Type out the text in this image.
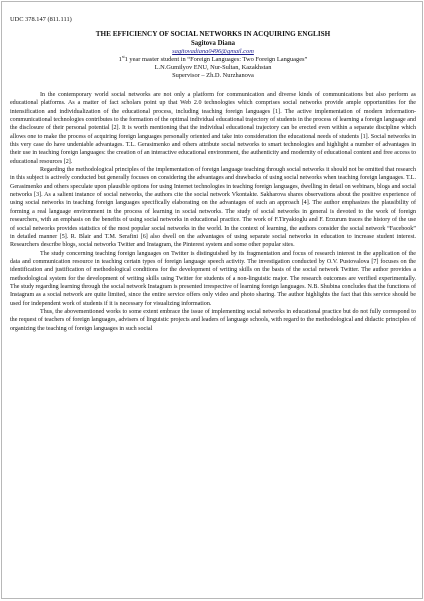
UDC 378.147 (811.111)

THE EFFICIENCY OF SOCIAL NETWORKS IN ACQUIRING ENGLISH

Sagitova Diana

sagitovadiana0496@gmail.com

1st1 year master student in “Foreign Languages: Two Foreign Languages”

L.N.Gumilyov ENU, Nur-Sultan, Kazakhstan

Supervisor – Zh.D. Nurzhanova

In the contemporary world social networks are not only a platform for communication and diverse kinds of communications but also perform as educational platforms. As a matter of fact scholars point up that Web 2.0 technologies which comprises social networks provide ample opportunities for the intensification and individualization of the educational process, including teaching foreign languages [1]. The active implementation of modern information- communicational technologies contributes to the formation of the optimal individual educational trajectory of students in the process of learning a foreign language and the disclosure of their personal potential [2]. It is worth mentioning that the individual educational trajectory can be erected even within a separate discipline which allows one to make the process of acquiring foreign languages personally oriented and take into consideration the educational needs of students [1]. Social networks in this very case do have undeniable advantages. T.L. Gerasimenko and others attribute social networks to smart technologies and highlight a number of advantages in their use in teaching foreign languages: the creation of an interactive educational environment, the authenticity and modernity of educational content and free access to educational resources [2].

Regarding the methodological principles of the implementation of foreign language teaching through social networks it should not be omitted that research in this subject is actively conducted but generally focuses on considering the advantages and drawbacks of using social networks when teaching foreign languages. T.L. Gerasimenko and others speculate upon plausible options for using Internet technologies in teaching foreign languages, dwelling in detail on webinars, blogs and social networks [3]. As a salient instance of social networks, the authors cite the social network Vkontakte. Sakharova shares observations about the positive experience of using social networks in teaching foreign languages specifically elaborating on the advantages of such an approach [4]. The author emphasizes the plausibility of forming a real language environment in the process of learning in social networks. The study of social networks in general is devoted to the work of foreign researchers, with an emphasis on the benefits of using social networks in educational practice. The work of F.Tiryakioglu and F. Erzurum traces the history of the use of social networks provides statistics of the most popular social networks in the world. In the context of learning, the authors consider the social network “Facebook” in detailed manner [5]. R. Blair and T.M. Serafini [6] also dwell on the advantages of using separate social networks in education to increase student interest. Researchers describe blogs, social networks Twitter and Instagram, the Pinterest system and some other popular sites.

The study concerning teaching foreign languages on Twitter is distinguished by its fragmentation and focus of research interest in the application of the data and communication resource in teaching certain types of foreign language speech activity. The investigation conducted by O.V. Pustovalova [7] focuses on the identification and justification of methodological conditions for the development of writing skills on the basis of the social network Twitter. The author provides a methodological system for the development of writing skills using Twitter for students of a non-linguistic major. The research outcomes are verified experimentally. The study regarding learning through the social network Instagram is presented irrespective of learning foreign languages. N.B. Shubina concludes that the functions of Instagram as a social network are quite limited, since the entire service offers only video and photo sharing. The author highlights the fact that this service should be used for independent work of students if it is necessary for visualizing information.

Thus, the abovementioned works to some extent embrace the issue of implementing social networks in educational practice but do not fully correspond to the request of teachers of foreign languages, advisers of linguistic projects and leaders of language schools, with regard to the methodological and didactic principles of organizing the teaching of foreign languages in such social
